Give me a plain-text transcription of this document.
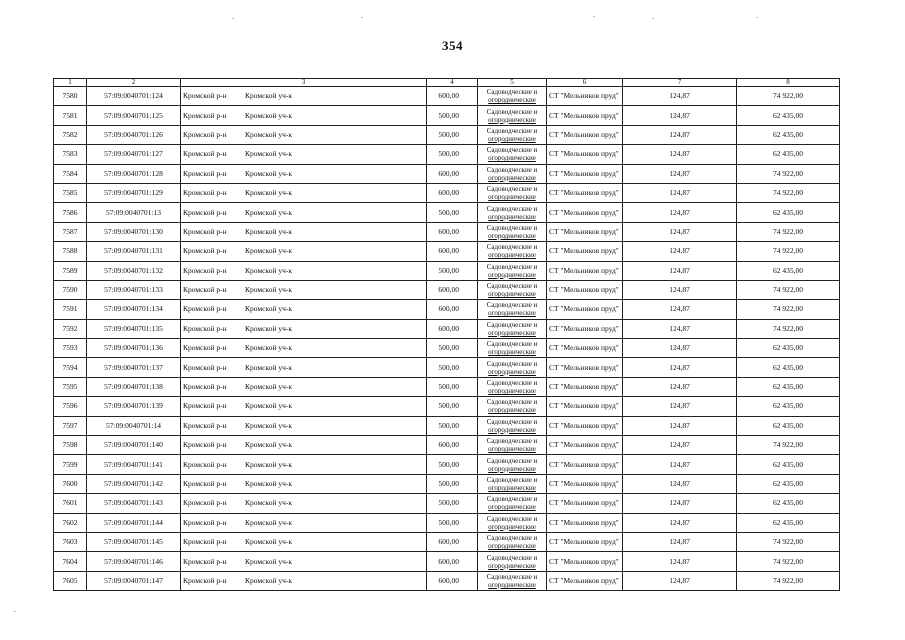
354
1	2	3	4	5	6	7	8
7580	57:09:0040701:124	Кромской р-н Кромской уч-к	600,00	Садоводческие и
огороднические	СТ "Мельников пруд"	124,87	74 922,00
7581	57:09:0040701:125	Кромской р-н Кромской уч-к	500,00	Садоводческие и
огороднические	СТ "Мельников пруд"	124,87	62 435,00
7582	57:09:0040701:126	Кромской р-н Кромской уч-к	500,00	Садоводческие и
огороднические	СТ "Мельников пруд"	124,87	62 435,00
7583	57:09:0040701:127	Кромской р-н Кромской уч-к	500,00	Садоводческие и
огороднические	СТ "Мельников пруд"	124,87	62 435,00
7584	57:09:0040701:128	Кромской р-н Кромской уч-к	600,00	Садоводческие и
огороднические	СТ "Мельников пруд"	124,87	74 922,00
7585	57:09:0040701:129	Кромской р-н Кромской уч-к	600,00	Садоводческие и
огороднические	СТ "Мельников пруд"	124,87	74 922,00
7586	57:09:0040701:13	Кромской р-н Кромской уч-к	500,00	Садоводческие и
огороднические	СТ "Мельников пруд"	124,87	62 435,00
7587	57:09:0040701:130	Кромской р-н Кромской уч-к	600,00	Садоводческие и
огороднические	СТ "Мельников пруд"	124,87	74 922,00
7588	57:09:0040701:131	Кромской р-н Кромской уч-к	600,00	Садоводческие и
огороднические	СТ "Мельников пруд"	124,87	74 922,00
7589	57:09:0040701:132	Кромской р-н Кромской уч-к	500,00	Садоводческие и
огороднические	СТ "Мельников пруд"	124,87	62 435,00
7590	57:09:0040701:133	Кромской р-н Кромской уч-к	600,00	Садоводческие и
огороднические	СТ "Мельников пруд"	124,87	74 922,00
7591	57:09:0040701:134	Кромской р-н Кромской уч-к	600,00	Садоводческие и
огороднические	СТ "Мельников пруд"	124,87	74 922,00
7592	57:09:0040701:135	Кромской р-н Кромской уч-к	600,00	Садоводческие и
огороднические	СТ "Мельников пруд"	124,87	74 922,00
7593	57:09:0040701:136	Кромской р-н Кромской уч-к	500,00	Садоводческие и
огороднические	СТ "Мельников пруд"	124,87	62 435,00
7594	57:09:0040701:137	Кромской р-н Кромской уч-к	500,00	Садоводческие и
огороднические	СТ "Мельников пруд"	124,87	62 435,00
7595	57:09:0040701:138	Кромской р-н Кромской уч-к	500,00	Садоводческие и
огороднические	СТ "Мельников пруд"	124,87	62 435,00
7596	57:09:0040701:139	Кромской р-н Кромской уч-к	500,00	Садоводческие и
огороднические	СТ "Мельников пруд"	124,87	62 435,00
7597	57:09:0040701:14	Кромской р-н Кромской уч-к	500,00	Садоводческие и
огороднические	СТ "Мельников пруд"	124,87	62 435,00
7598	57:09:0040701:140	Кромской р-н Кромской уч-к	600,00	Садоводческие и
огороднические	СТ "Мельников пруд"	124,87	74 922,00
7599	57:09:0040701:141	Кромской р-н Кромской уч-к	500,00	Садоводческие и
огороднические	СТ "Мельников пруд"	124,87	62 435,00
7600	57:09:0040701:142	Кромской р-н Кромской уч-к	500,00	Садоводческие и
огороднические	СТ "Мельников пруд"	124,87	62 435,00
7601	57:09:0040701:143	Кромской р-н Кромской уч-к	500,00	Садоводческие и
огороднические	СТ "Мельников пруд"	124,87	62 435,00
7602	57:09:0040701:144	Кромской р-н Кромской уч-к	500,00	Садоводческие и
огороднические	СТ "Мельников пруд"	124,87	62 435,00
7603	57:09:0040701:145	Кромской р-н Кромской уч-к	600,00	Садоводческие и
огороднические	СТ "Мельников пруд"	124,87	74 922,00
7604	57:09:0040701:146	Кромской р-н Кромской уч-к	600,00	Садоводческие и
огороднические	СТ "Мельников пруд"	124,87	74 922,00
7605	57:09:0040701:147	Кромской р-н Кромской уч-к	600,00	Садоводческие и
огороднические	СТ "Мельников пруд"	124,87	74 922,00
